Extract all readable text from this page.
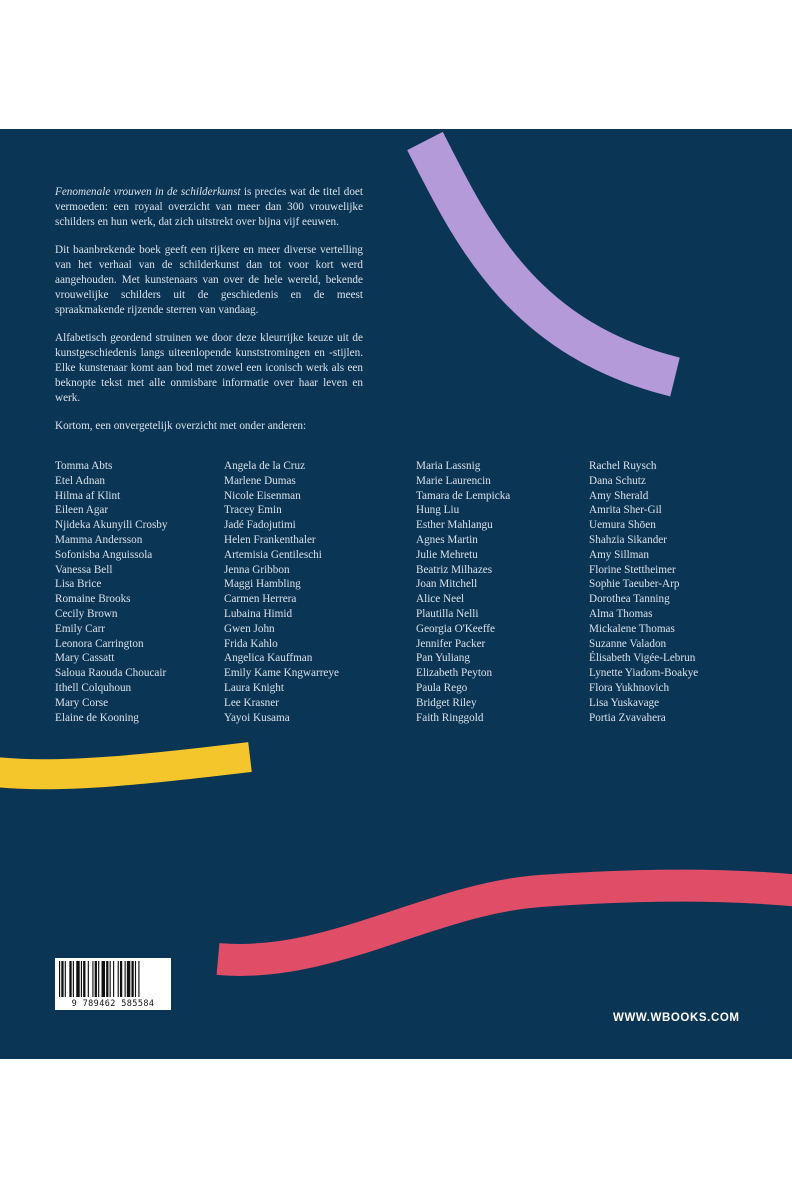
Fenomenale vrouwen in de schilderkunst is precies wat de titel doet vermoeden: een royaal overzicht van meer dan 300 vrouwelijke schilders en hun werk, dat zich uitstrekt over bijna vijf eeuwen.

Dit baanbrekende boek geeft een rijkere en meer diverse vertelling van het verhaal van de schilderkunst dan tot voor kort werd aangehouden. Met kunstenaars van over de hele wereld, bekende vrouwelijke schilders uit de geschiedenis en de meest spraakmakende rijzende sterren van vandaag.

Alfabetisch geordend struinen we door deze kleurrijke keuze uit de kunstgeschiedenis langs uiteenlopende kunststromingen en -stijlen. Elke kunstenaar komt aan bod met zowel een iconisch werk als een beknopte tekst met alle onmisbare informatie over haar leven en werk.

Kortom, een onvergetelijk overzicht met onder anderen:

Tomma Abts
Etel Adnan
Hilma af Klint
Eileen Agar
Njideka Akunyili Crosby
Mamma Andersson
Sofonisba Anguissola
Vanessa Bell
Lisa Brice
Romaine Brooks
Cecily Brown
Emily Carr
Leonora Carrington
Mary Cassatt
Saloua Raouda Choucair
Ithell Colquhoun
Mary Corse
Elaine de Kooning
Angela de la Cruz
Marlene Dumas
Nicole Eisenman
Tracey Emin
Jadé Fadojutimi
Helen Frankenthaler
Artemisia Gentileschi
Jenna Gribbon
Maggi Hambling
Carmen Herrera
Lubaina Himid
Gwen John
Frida Kahlo
Angelica Kauffman
Emily Kame Kngwarreye
Laura Knight
Lee Krasner
Yayoi Kusama
Maria Lassnig
Marie Laurencin
Tamara de Lempicka
Hung Liu
Esther Mahlangu
Agnes Martin
Julie Mehretu
Beatriz Milhazes
Joan Mitchell
Alice Neel
Plautilla Nelli
Georgia O'Keeffe
Jennifer Packer
Pan Yuliang
Elizabeth Peyton
Paula Rego
Bridget Riley
Faith Ringgold
Rachel Ruysch
Dana Schutz
Amy Sherald
Amrita Sher-Gil
Uemura Shōen
Shahzia Sikander
Amy Sillman
Florine Stettheimer
Sophie Taeuber-Arp
Dorothea Tanning
Alma Thomas
Mickalene Thomas
Suzanne Valadon
Élisabeth Vigée-Lebrun
Lynette Yiadom-Boakye
Flora Yukhnovich
Lisa Yuskavage
Portia Zvavahera
9 789462 585584
WWW.WBOOKS.COM
